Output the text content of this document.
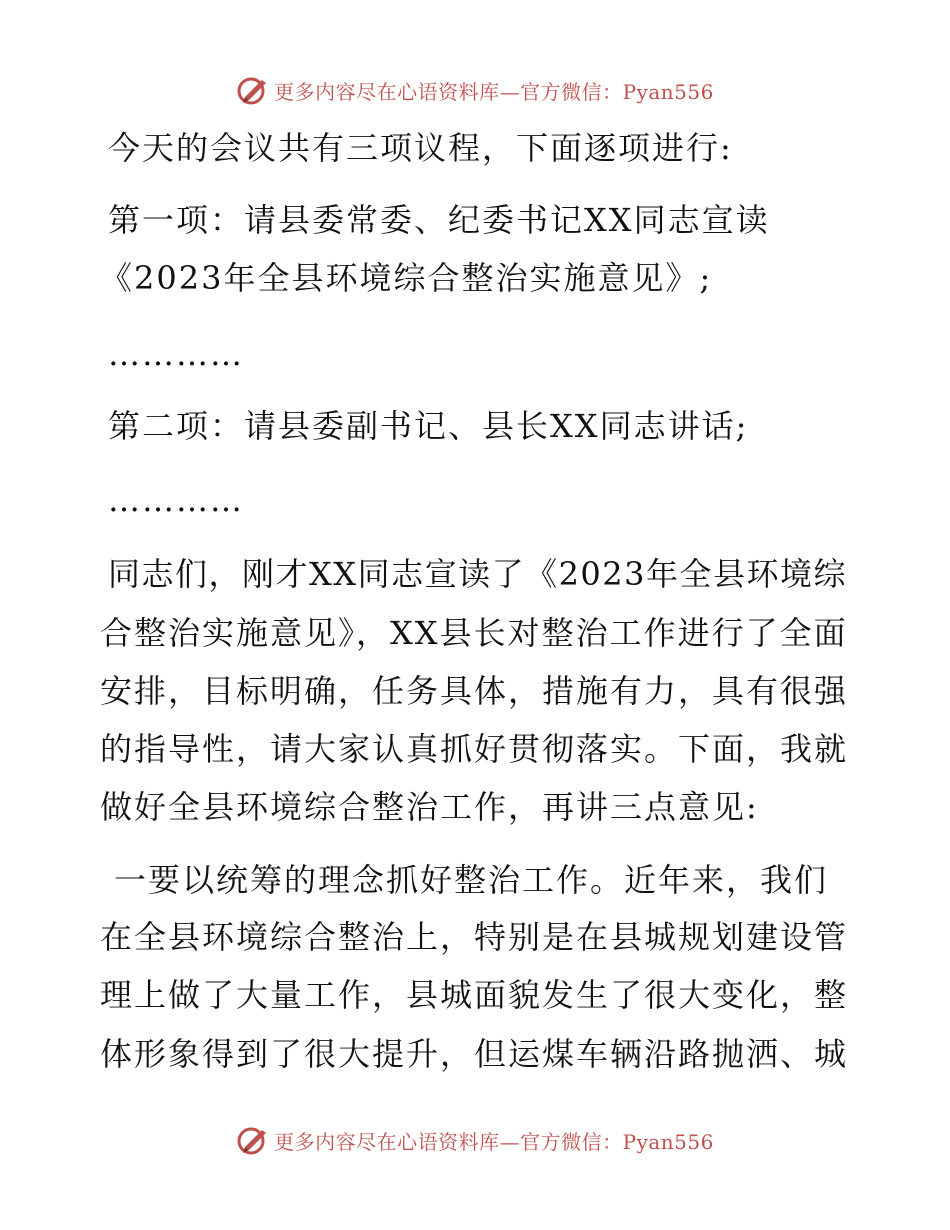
更多内容尽在心语资料库—官方微信：Pyan556
今天的会议共有三项议程，下面逐项进行:
第一项：请县委常委、纪委书记XX同志宣读
《2023年全县环境综合整治实施意见》;
…………
第二项：请县委副书记、县长XX同志讲话;
…………
同志们，刚才XX同志宣读了《2023年全县环境综
合整治实施意见》，XX县长对整治工作进行了全面
安排，目标明确，任务具体，措施有力，具有很强
的指导性，请大家认真抓好贯彻落实。下面，我就
做好全县环境综合整治工作，再讲三点意见:
一要以统筹的理念抓好整治工作。近年来，我们
在全县环境综合整治上，特别是在县城规划建设管
理上做了大量工作，县城面貌发生了很大变化，整
体形象得到了很大提升，但运煤车辆沿路抛洒、城
更多内容尽在心语资料库—官方微信：Pyan556
